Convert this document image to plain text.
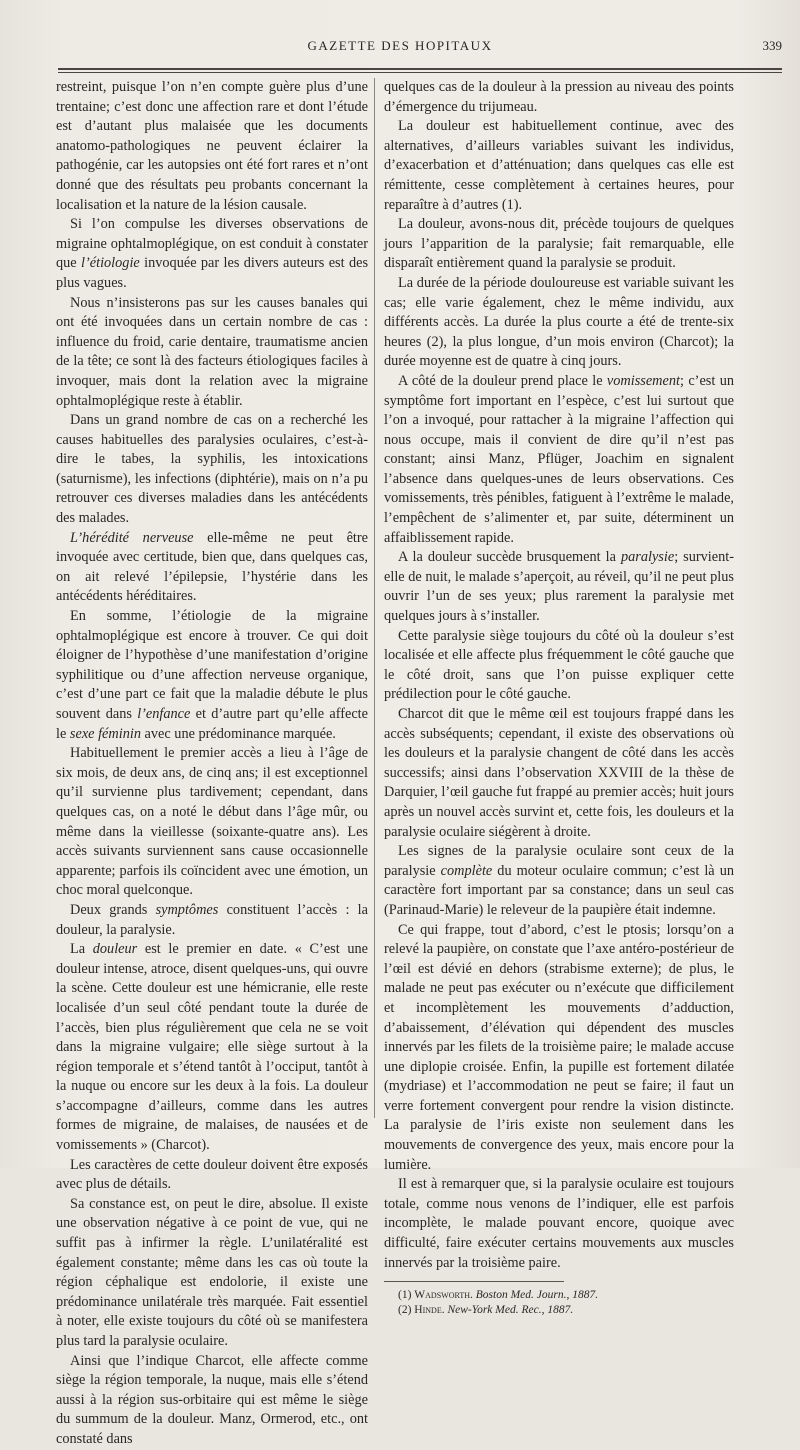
GAZETTE DES HOPITAUX	339

restreint, puisque l’on n’en compte guère plus d’une trentaine; c’est donc une affection rare et dont l’étude est d’autant plus malaisée que les documents anatomo-pathologiques ne peuvent éclairer la pathogénie, car les autopsies ont été fort rares et n’ont donné que des résultats peu probants concernant la localisation et la nature de la lésion causale.

Si l’on compulse les diverses observations de migraine ophtalmoplégique, on est conduit à constater que l’étiologie invoquée par les divers auteurs est des plus vagues.

Nous n’insisterons pas sur les causes banales qui ont été invoquées dans un certain nombre de cas : influence du froid, carie dentaire, traumatisme ancien de la tête; ce sont là des facteurs étiologiques faciles à invoquer, mais dont la relation avec la migraine ophtalmoplégique reste à établir.

Dans un grand nombre de cas on a recherché les causes habituelles des paralysies oculaires, c’est-à-dire le tabes, la syphilis, les intoxications (saturnisme), les infections (diphtérie), mais on n’a pu retrouver ces diverses maladies dans les antécédents des malades.

L’hérédité nerveuse elle-même ne peut être invoquée avec certitude, bien que, dans quelques cas, on ait relevé l’épilepsie, l’hystérie dans les antécédents héréditaires.

En somme, l’étiologie de la migraine ophtalmoplégique est encore à trouver. Ce qui doit éloigner de l’hypothèse d’une manifestation d’origine syphilitique ou d’une affection nerveuse organique, c’est d’une part ce fait que la maladie débute le plus souvent dans l’enfance et d’autre part qu’elle affecte le sexe féminin avec une prédominance marquée.

Habituellement le premier accès a lieu à l’âge de six mois, de deux ans, de cinq ans; il est exceptionnel qu’il survienne plus tardivement; cependant, dans quelques cas, on a noté le début dans l’âge mûr, ou même dans la vieillesse (soixante-quatre ans). Les accès suivants surviennent sans cause occasionnelle apparente; parfois ils coïncident avec une émotion, un choc moral quelconque.

Deux grands symptômes constituent l’accès : la douleur, la paralysie.

La douleur est le premier en date. « C’est une douleur intense, atroce, disent quelques-uns, qui ouvre la scène. Cette douleur est une hémicranie, elle reste localisée d’un seul côté pendant toute la durée de l’accès, bien plus régulièrement que cela ne se voit dans la migraine vulgaire; elle siège surtout à la région temporale et s’étend tantôt à l’occiput, tantôt à la nuque ou encore sur les deux à la fois. La douleur s’accompagne d’ailleurs, comme dans les autres formes de migraine, de malaises, de nausées et de vomissements » (Charcot).

Les caractères de cette douleur doivent être exposés avec plus de détails.

Sa constance est, on peut le dire, absolue. Il existe une observation négative à ce point de vue, qui ne suffit pas à infirmer la règle. L’unilatéralité est également constante; même dans les cas où toute la région céphalique est endolorie, il existe une prédominance unilatérale très marquée. Fait essentiel à noter, elle existe toujours du côté où se manifestera plus tard la paralysie oculaire.

Ainsi que l’indique Charcot, elle affecte comme siège la région temporale, la nuque, mais elle s’étend aussi à la région sus-orbitaire qui est même le siège du summum de la douleur. Manz, Ormerod, etc., ont constaté dans

quelques cas de la douleur à la pression au niveau des points d’émergence du trijumeau.

La douleur est habituellement continue, avec des alternatives, d’ailleurs variables suivant les individus, d’exacerbation et d’atténuation; dans quelques cas elle est rémittente, cesse complètement à certaines heures, pour reparaître à d’autres (1).

La douleur, avons-nous dit, précède toujours de quelques jours l’apparition de la paralysie; fait remarquable, elle disparaît entièrement quand la paralysie se produit.

La durée de la période douloureuse est variable suivant les cas; elle varie également, chez le même individu, aux différents accès. La durée la plus courte a été de trente-six heures (2), la plus longue, d’un mois environ (Charcot); la durée moyenne est de quatre à cinq jours.

A côté de la douleur prend place le vomissement; c’est un symptôme fort important en l’espèce, c’est lui surtout que l’on a invoqué, pour rattacher à la migraine l’affection qui nous occupe, mais il convient de dire qu’il n’est pas constant; ainsi Manz, Pflüger, Joachim en signalent l’absence dans quelques-unes de leurs observations. Ces vomissements, très pénibles, fatiguent à l’extrême le malade, l’empêchent de s’alimenter et, par suite, déterminent un affaiblissement rapide.

A la douleur succède brusquement la paralysie; survient-elle de nuit, le malade s’aperçoit, au réveil, qu’il ne peut plus ouvrir l’un de ses yeux; plus rarement la paralysie met quelques jours à s’installer.

Cette paralysie siège toujours du côté où la douleur s’est localisée et elle affecte plus fréquemment le côté gauche que le côté droit, sans que l’on puisse expliquer cette prédilection pour le côté gauche.

Charcot dit que le même œil est toujours frappé dans les accès subséquents; cependant, il existe des observations où les douleurs et la paralysie changent de côté dans les accès successifs; ainsi dans l’observation XXVIII de la thèse de Darquier, l’œil gauche fut frappé au premier accès; huit jours après un nouvel accès survint et, cette fois, les douleurs et la paralysie oculaire siégèrent à droite.

Les signes de la paralysie oculaire sont ceux de la paralysie complète du moteur oculaire commun; c’est là un caractère fort important par sa constance; dans un seul cas (Parinaud-Marie) le releveur de la paupière était indemne.

Ce qui frappe, tout d’abord, c’est le ptosis; lorsqu’on a relevé la paupière, on constate que l’axe antéro-postérieur de l’œil est dévié en dehors (strabisme externe); de plus, le malade ne peut pas exécuter ou n’exécute que difficilement et incomplètement les mouvements d’adduction, d’abaissement, d’élévation qui dépendent des muscles innervés par les filets de la troisième paire; le malade accuse une diplopie croisée. Enfin, la pupille est fortement dilatée (mydriase) et l’accommodation ne peut se faire; il faut un verre fortement convergent pour rendre la vision distincte. La paralysie de l’iris existe non seulement dans les mouvements de convergence des yeux, mais encore pour la lumière.

Il est à remarquer que, si la paralysie oculaire est toujours totale, comme nous venons de l’indiquer, elle est parfois incomplète, le malade pouvant encore, quoique avec difficulté, faire exécuter certains mouvements aux muscles innervés par la troisième paire.

(1) Wadsworth. Boston Med. Journ., 1887.
(2) Hinde. New-York Med. Rec., 1887.
